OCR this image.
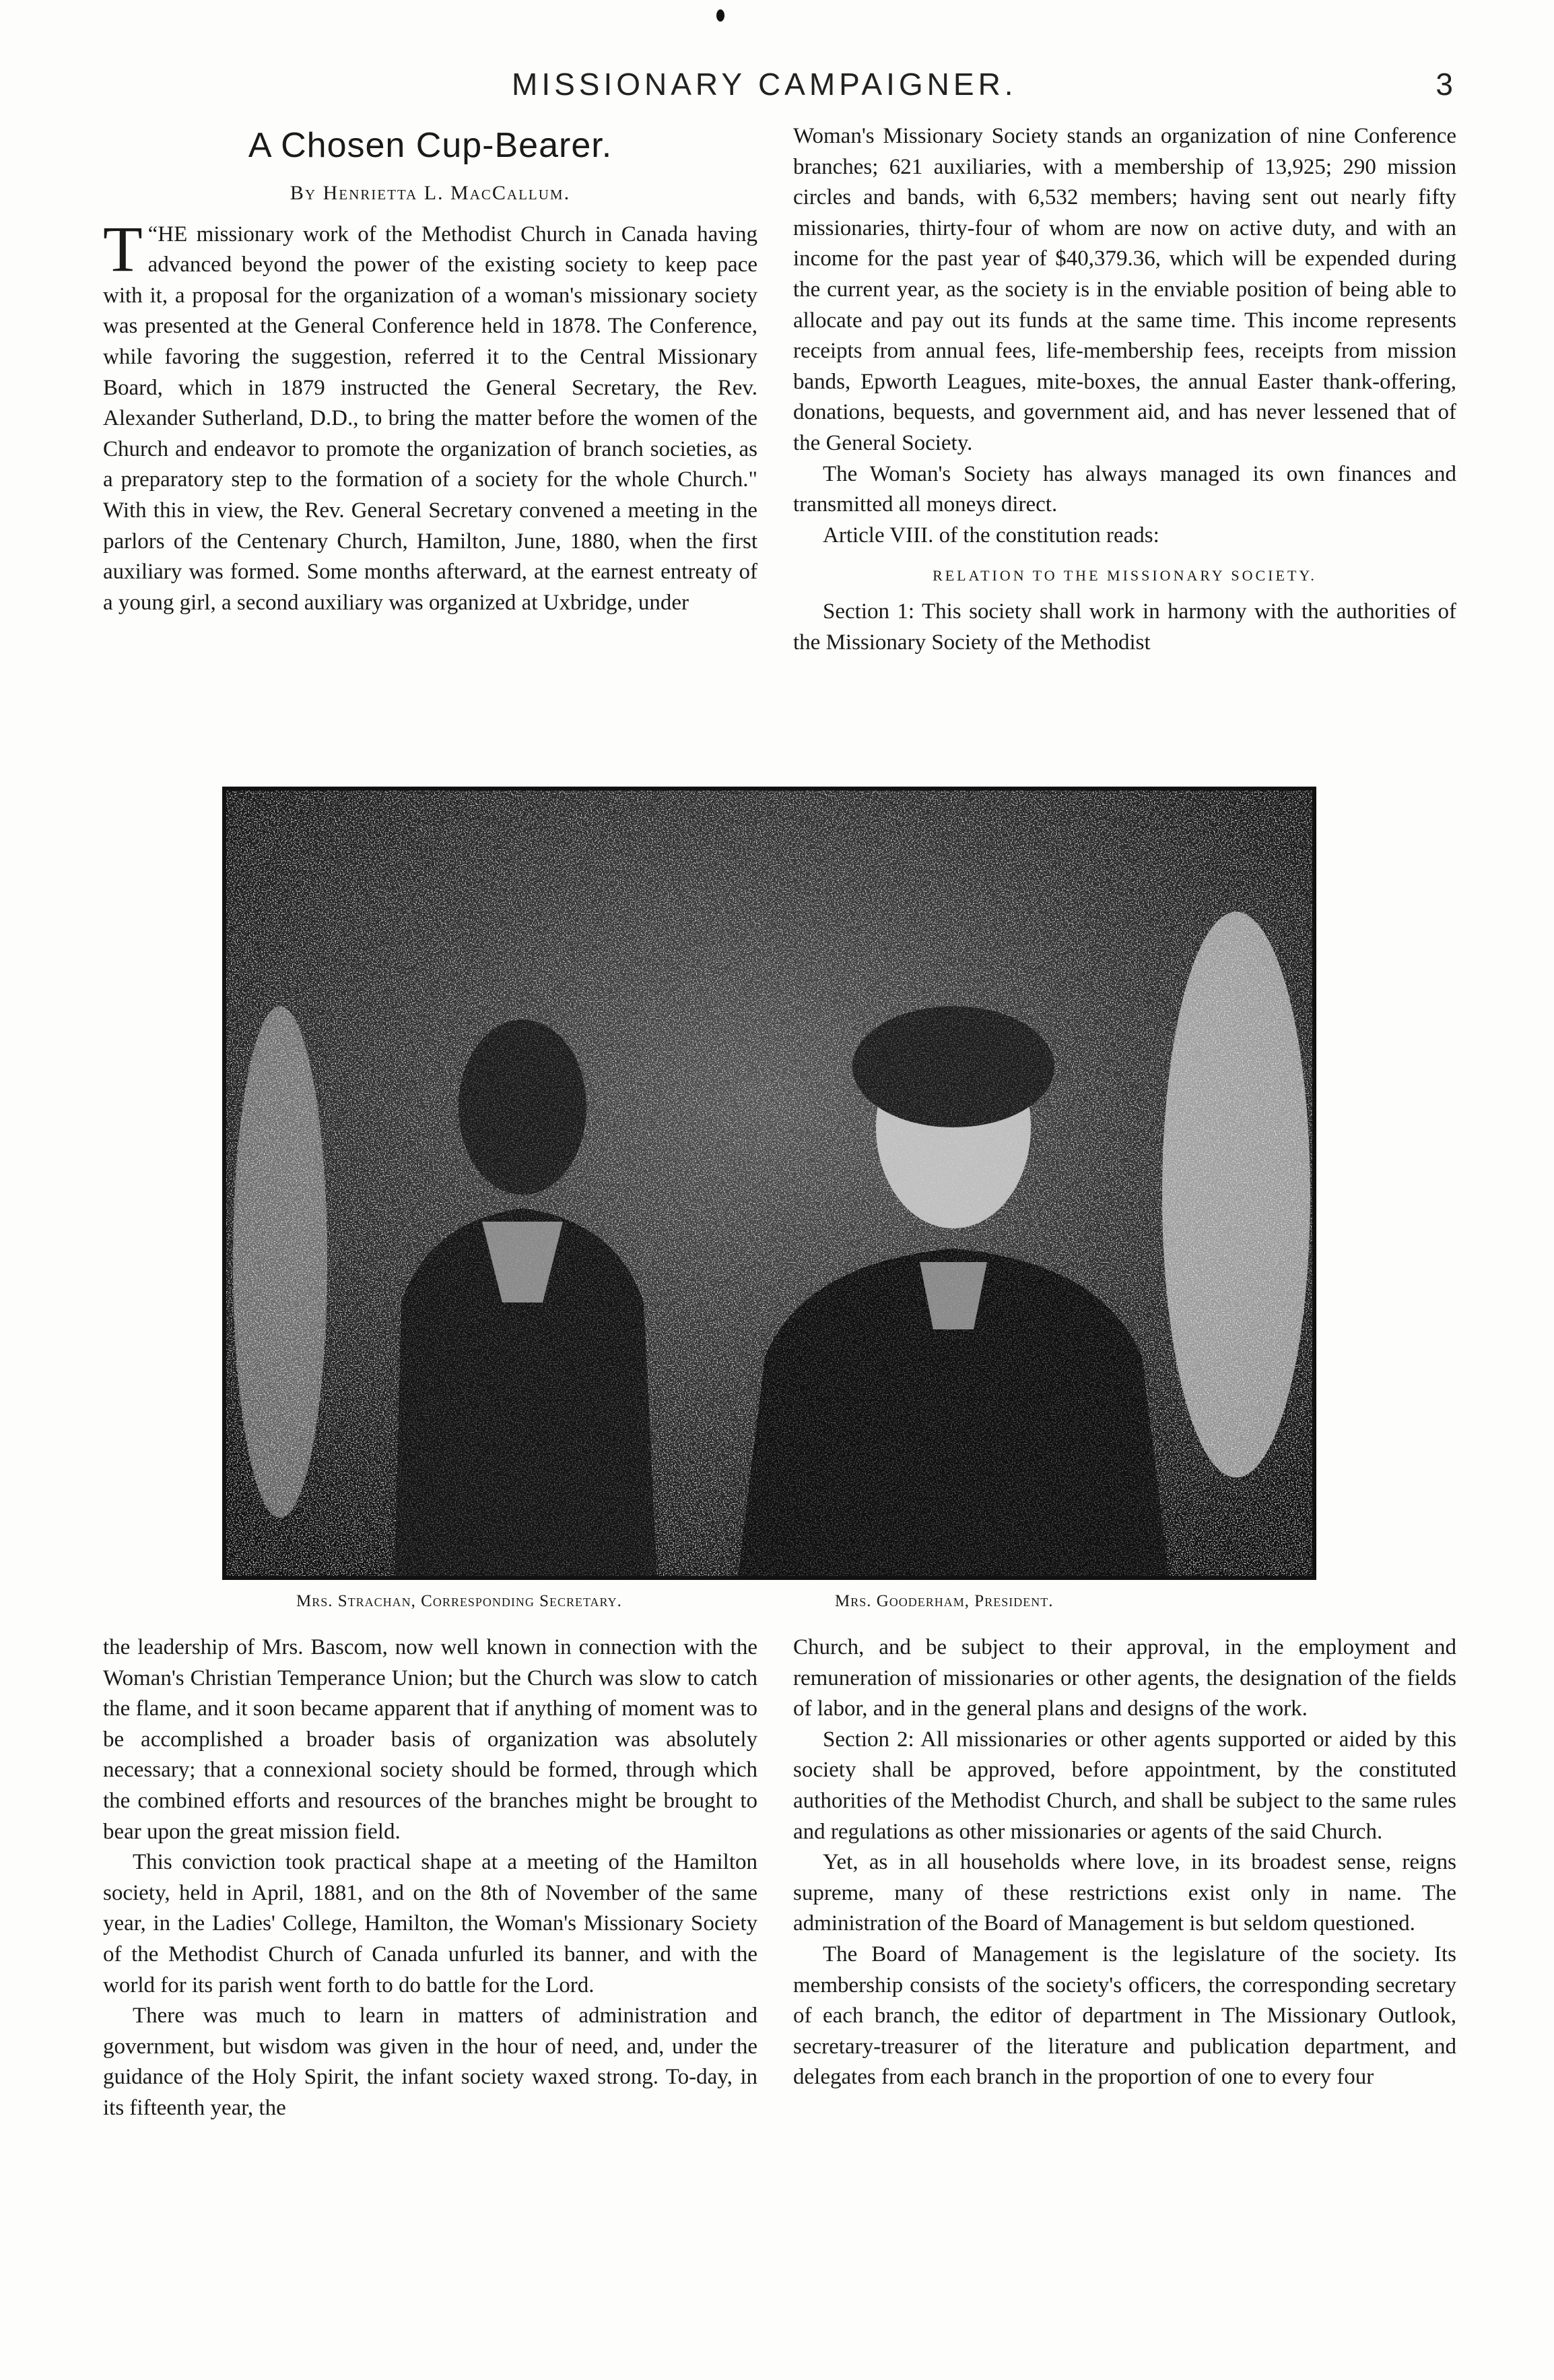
MISSIONARY CAMPAIGNER.	3
A Chosen Cup-Bearer.
By Henrietta L. MacCallum.

“
T HE missionary work of the Methodist Church in Canada having advanced beyond the power of the existing society to keep pace with it, a proposal for the organization of a woman's missionary society was presented at the General Conference held in 1878. The Conference, while favoring the suggestion, referred it to the Central Missionary Board, which in 1879 instructed the General Secretary, the Rev. Alexander Sutherland, D.D., to bring the matter before the women of the Church and endeavor to promote the organization of branch societies, as a preparatory step to the formation of a society for the whole Church." With this in view, the Rev. General Secretary convened a meeting in the parlors of the Centenary Church, Hamilton, June, 1880, when the first auxiliary was formed. Some months afterward, at the earnest entreaty of a young girl, a second auxiliary was organized at Uxbridge, under

Woman's Missionary Society stands an organization of nine Conference branches; 621 auxiliaries, with a membership of 13,925; 290 mission circles and bands, with 6,532 members; having sent out nearly fifty missionaries, thirty-four of whom are now on active duty, and with an income for the past year of $40,379.36, which will be expended during the current year, as the society is in the enviable position of being able to allocate and pay out its funds at the same time. This income represents receipts from annual fees, life-membership fees, receipts from mission bands, Epworth Leagues, mite-boxes, the annual Easter thank-offering, donations, bequests, and government aid, and has never lessened that of the General Society.

The Woman's Society has always managed its own finances and transmitted all moneys direct.

Article VIII. of the constitution reads:

RELATION TO THE MISSIONARY SOCIETY.

Section 1: This society shall work in harmony with the authorities of the Missionary Society of the Methodist

Mrs. Strachan, Corresponding Secretary.	Mrs. Gooderham, President.

the leadership of Mrs. Bascom, now well known in connection with the Woman's Christian Temperance Union; but the Church was slow to catch the flame, and it soon became apparent that if anything of moment was to be accomplished a broader basis of organization was absolutely necessary; that a connexional society should be formed, through which the combined efforts and resources of the branches might be brought to bear upon the great mission field.

This conviction took practical shape at a meeting of the Hamilton society, held in April, 1881, and on the 8th of November of the same year, in the Ladies' College, Hamilton, the Woman's Missionary Society of the Methodist Church of Canada unfurled its banner, and with the world for its parish went forth to do battle for the Lord.

There was much to learn in matters of administration and government, but wisdom was given in the hour of need, and, under the guidance of the Holy Spirit, the infant society waxed strong. To-day, in its fifteenth year, the

Church, and be subject to their approval, in the employment and remuneration of missionaries or other agents, the designation of the fields of labor, and in the general plans and designs of the work.

Section 2: All missionaries or other agents supported or aided by this society shall be approved, before appointment, by the constituted authorities of the Methodist Church, and shall be subject to the same rules and regulations as other missionaries or agents of the said Church.

Yet, as in all households where love, in its broadest sense, reigns supreme, many of these restrictions exist only in name. The administration of the Board of Management is but seldom questioned.

The Board of Management is the legislature of the society. Its membership consists of the society's officers, the corresponding secretary of each branch, the editor of department in The Missionary Outlook, secretary-treasurer of the literature and publication department, and delegates from each branch in the proportion of one to every four
